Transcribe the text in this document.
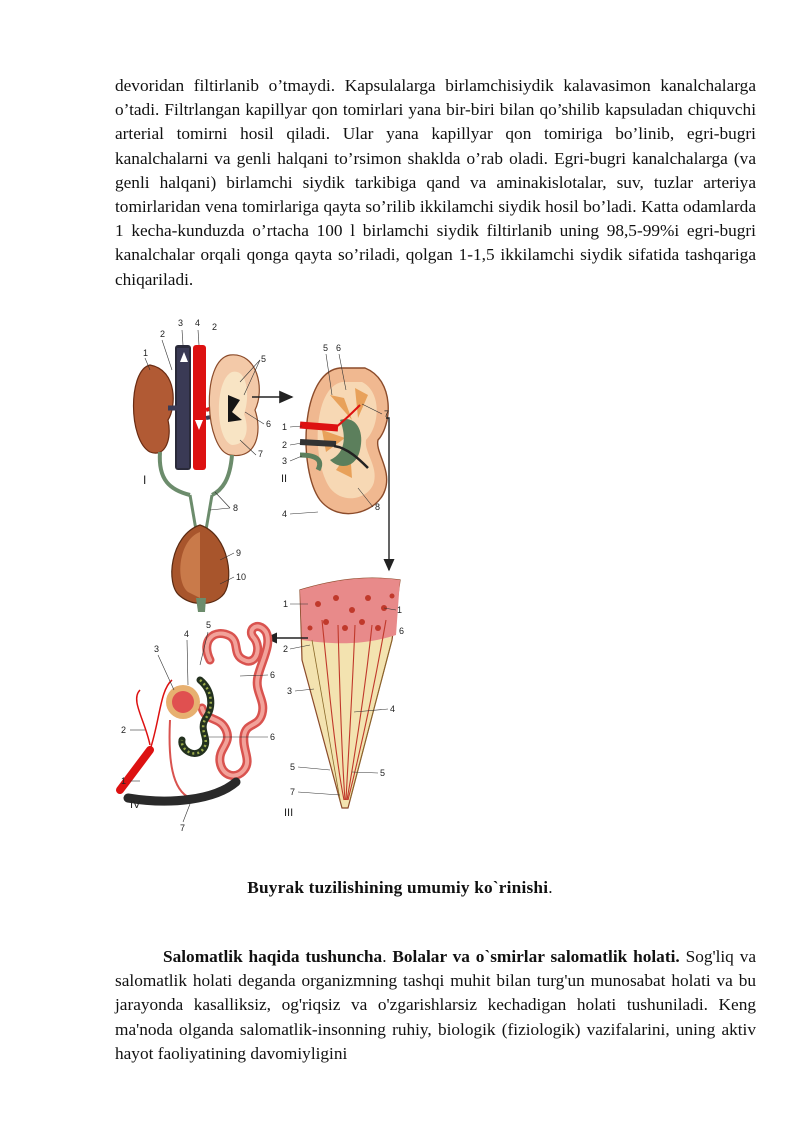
devoridan filtirlanib o’tmaydi. Kapsulalarga birlamchisiydik kalavasimon kanalchalarga o’tadi. Filtrlangan kapillyar qon tomirlari yana bir-biri bilan qo’shilib kapsuladan chiquvchi arterial tomirni hosil qiladi. Ular yana kapillyar qon tomiriga bo’linib, egri-bugri kanalchalarni va genli halqani to’rsimon shaklda o’rab oladi. Egri-bugri kanalchalarga (va genli halqani) birlamchi siydik tarkibiga qand va aminakislotalar, suv, tuzlar arteriya tomirlaridan vena tomirlariga qayta so’rilib ikkilamchi siydik hosil bo’ladi. Katta odamlarda 1 kecha-kunduzda o’rtacha 100 l birlamchi siydik filtirlanib uning 98,5-99%i egri-bugri kanalchalar orqali qonga qayta so’riladi, qolgan 1-1,5 ikkilamchi siydik sifatida tashqariga chiqariladi.

1
2
3 4 2
5
6
7
8
9
10
I
5 6
7
1
2
3
4
8
II
1
1
6
2
3
4
5
5
7
III
3
4
5
6
6
2
1
7
IV
Buyrak tuzilishining umumiy ko`rinishi.

Salomatlik haqida tushuncha. Bolalar va o`smirlar salomatlik holati. Sog'liq va salomatlik holati deganda organizmning tashqi muhit bilan turg'un munosabat holati va bu jarayonda kasalliksiz, og'riqsiz va o'zgarishlarsiz kechadigan holati tushuniladi. Keng ma'noda olganda salomatlik-insonning ruhiy, biologik (fiziologik) vazifalarini, uning aktiv hayot faoliyatining davomiyligini
